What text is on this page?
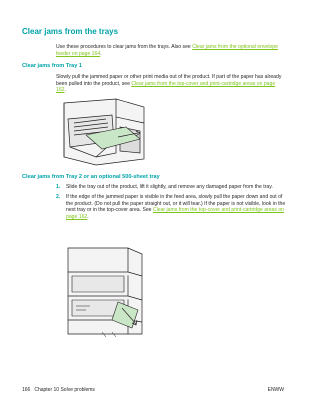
Clear jams from the trays
Use these procedures to clear jams from the trays. Also see Clear jams from the optional envelope feeder on page 164.
Clear jams from Tray 1
Slowly pull the jammed paper or other print media out of the product. If part of the paper has already been pulled into the product, see Clear jams from the top-cover and print-cartridge areas on page 162.
Clear jams from Tray 2 or an optional 500-sheet tray
1. Slide the tray out of the product, lift it slightly, and remove any damaged paper from the tray.
2. If the edge of the jammed paper is visible in the feed area, slowly pull the paper down and out of the product. (Do not pull the paper straight out, or it will tear.) If the paper is not visible, look in the next tray or in the top-cover area. See Clear jams from the top-cover and print-cartridge areas on page 162.
166 Chapter 10 Solve problems	ENWW
